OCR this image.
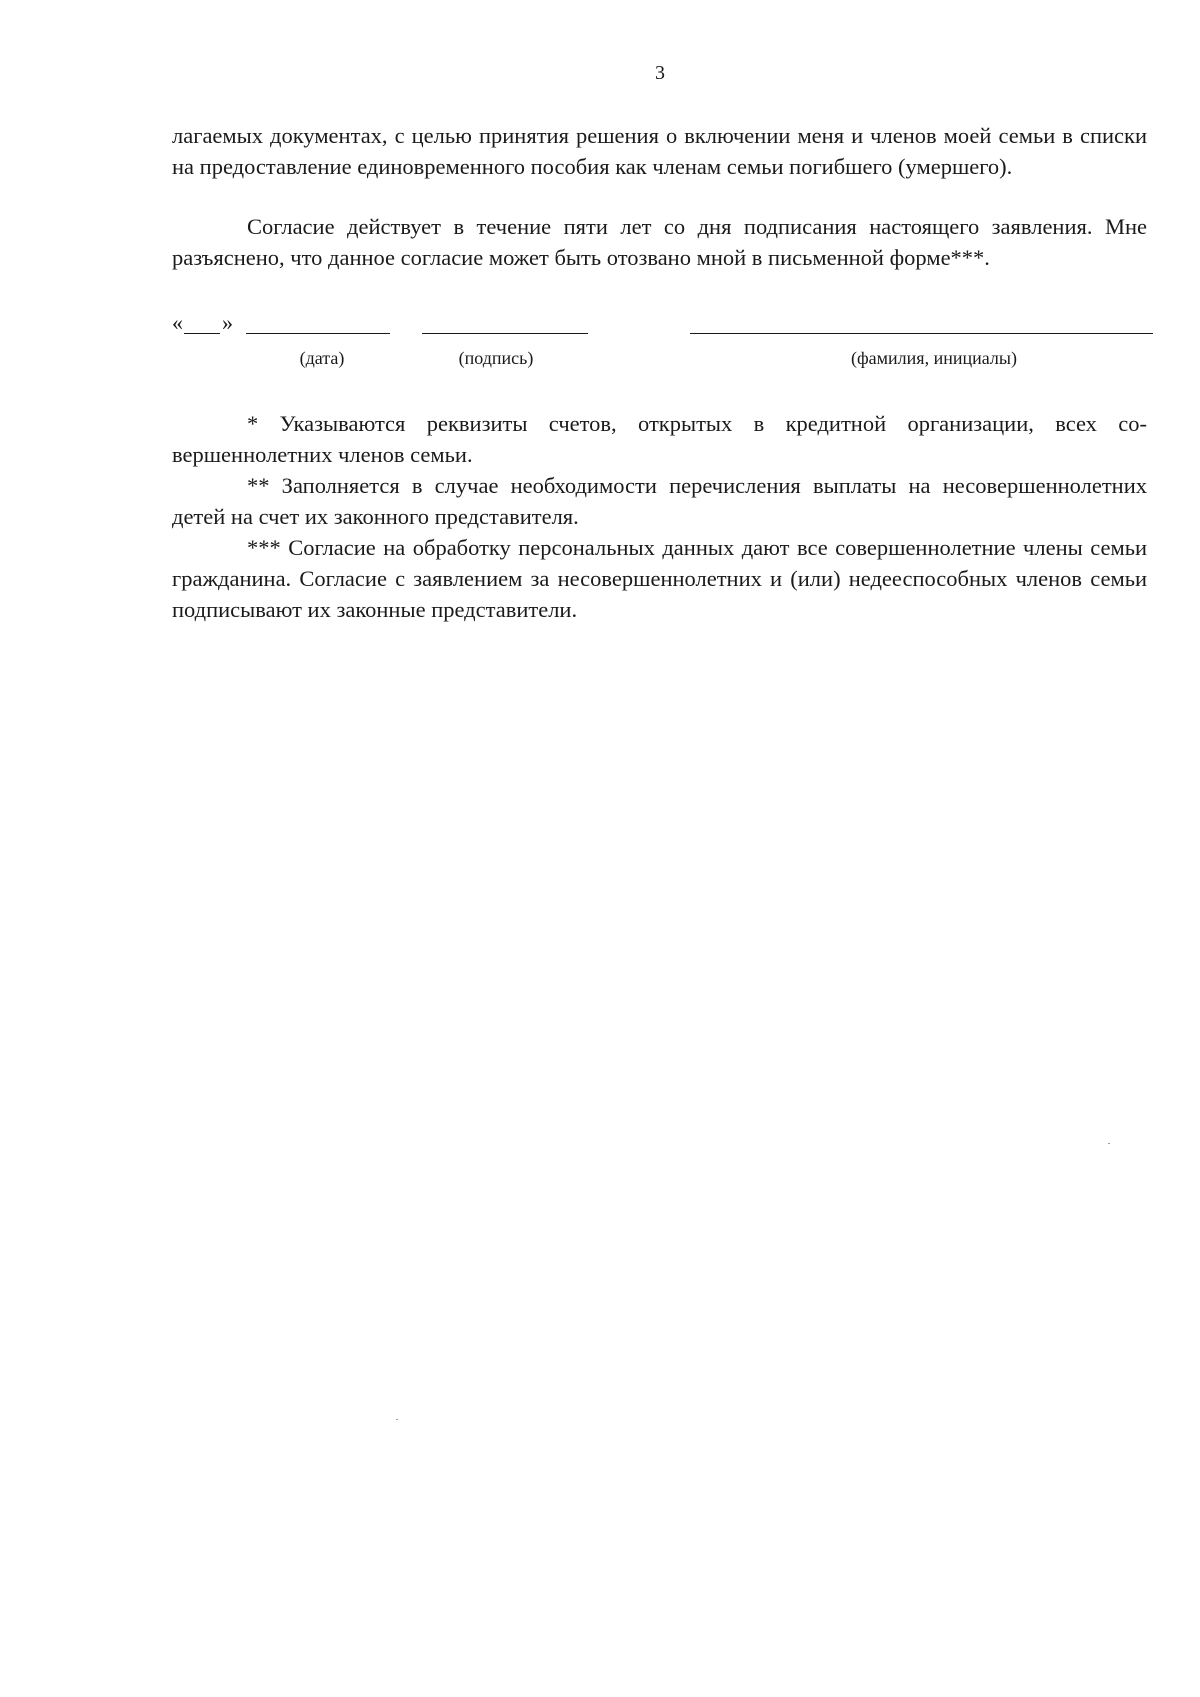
3

лагаемых документах, с целью принятия решения о включении меня и членов моей семьи в списки на предоставление единовременного пособия как членам семьи погибшего (умершего).

Согласие действует в течение пяти лет со дня подписания настоящего заявления. Мне разъяснено, что данное согласие может быть отозвано мной в письменной форме***.

« »
(дата)	(подпись)	(фамилия, инициалы)

* Указываются реквизиты счетов, открытых в кредитной организации, всех совершеннолетних членов семьи.

** Заполняется в случае необходимости перечисления выплаты на несовершеннолетних детей на счет их законного представителя.

*** Согласие на обработку персональных данных дают все совершеннолетние члены семьи гражданина. Согласие с заявлением за несовершеннолетних и (или) недееспособных членов семьи подписывают их законные представители.
